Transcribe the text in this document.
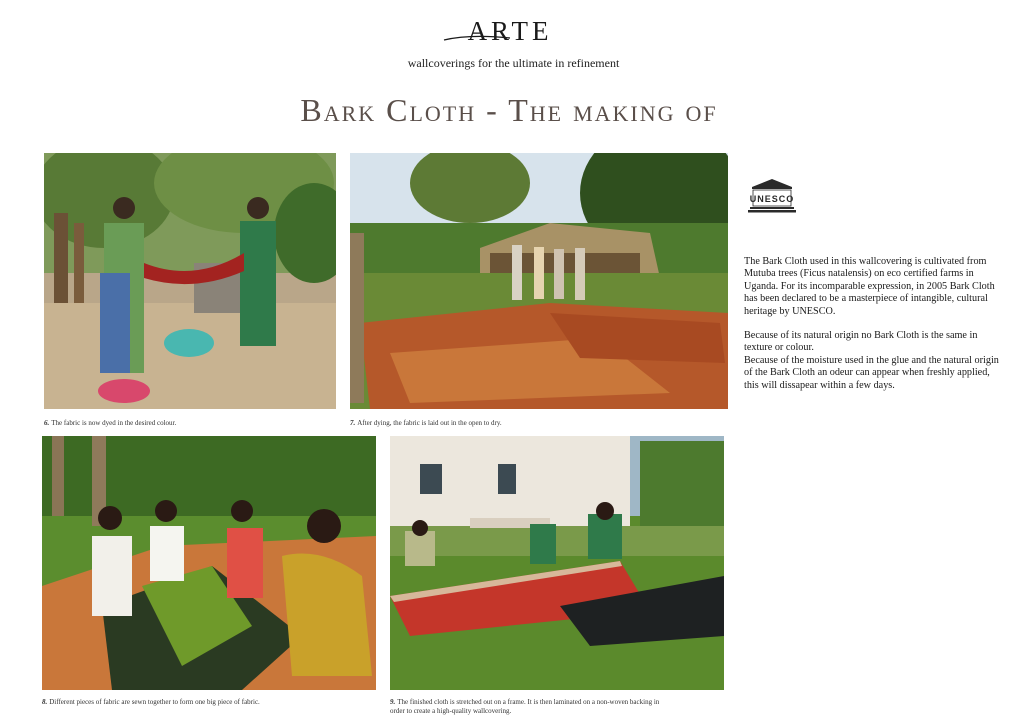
ARTE
wallcoverings for the ultimate in refinement
Bark Cloth - The making of
6. The fabric is now dyed in the desired colour.	7. After dying, the fabric is laid out in the open to dry.
8. Different pieces of fabric are sewn together to form one big piece of fabric.	9. The finished cloth is stretched out on a frame. It is then laminated on a non-woven backing in
order to create a high-quality wallcovering.
UNESCO

The Bark Cloth used in this wallcovering is cultivated from Mutuba trees (Ficus natalensis) on eco certified farms in Uganda. For its incomparable expression, in 2005 Bark Cloth has been declared to be a masterpiece of intangible, cultural heritage by UNESCO.

Because of its natural origin no Bark Cloth is the same in texture or colour.

Because of the moisture used in the glue and the natural origin of the Bark Cloth an odeur can appear when freshly applied, this will dissapear within a few days.
